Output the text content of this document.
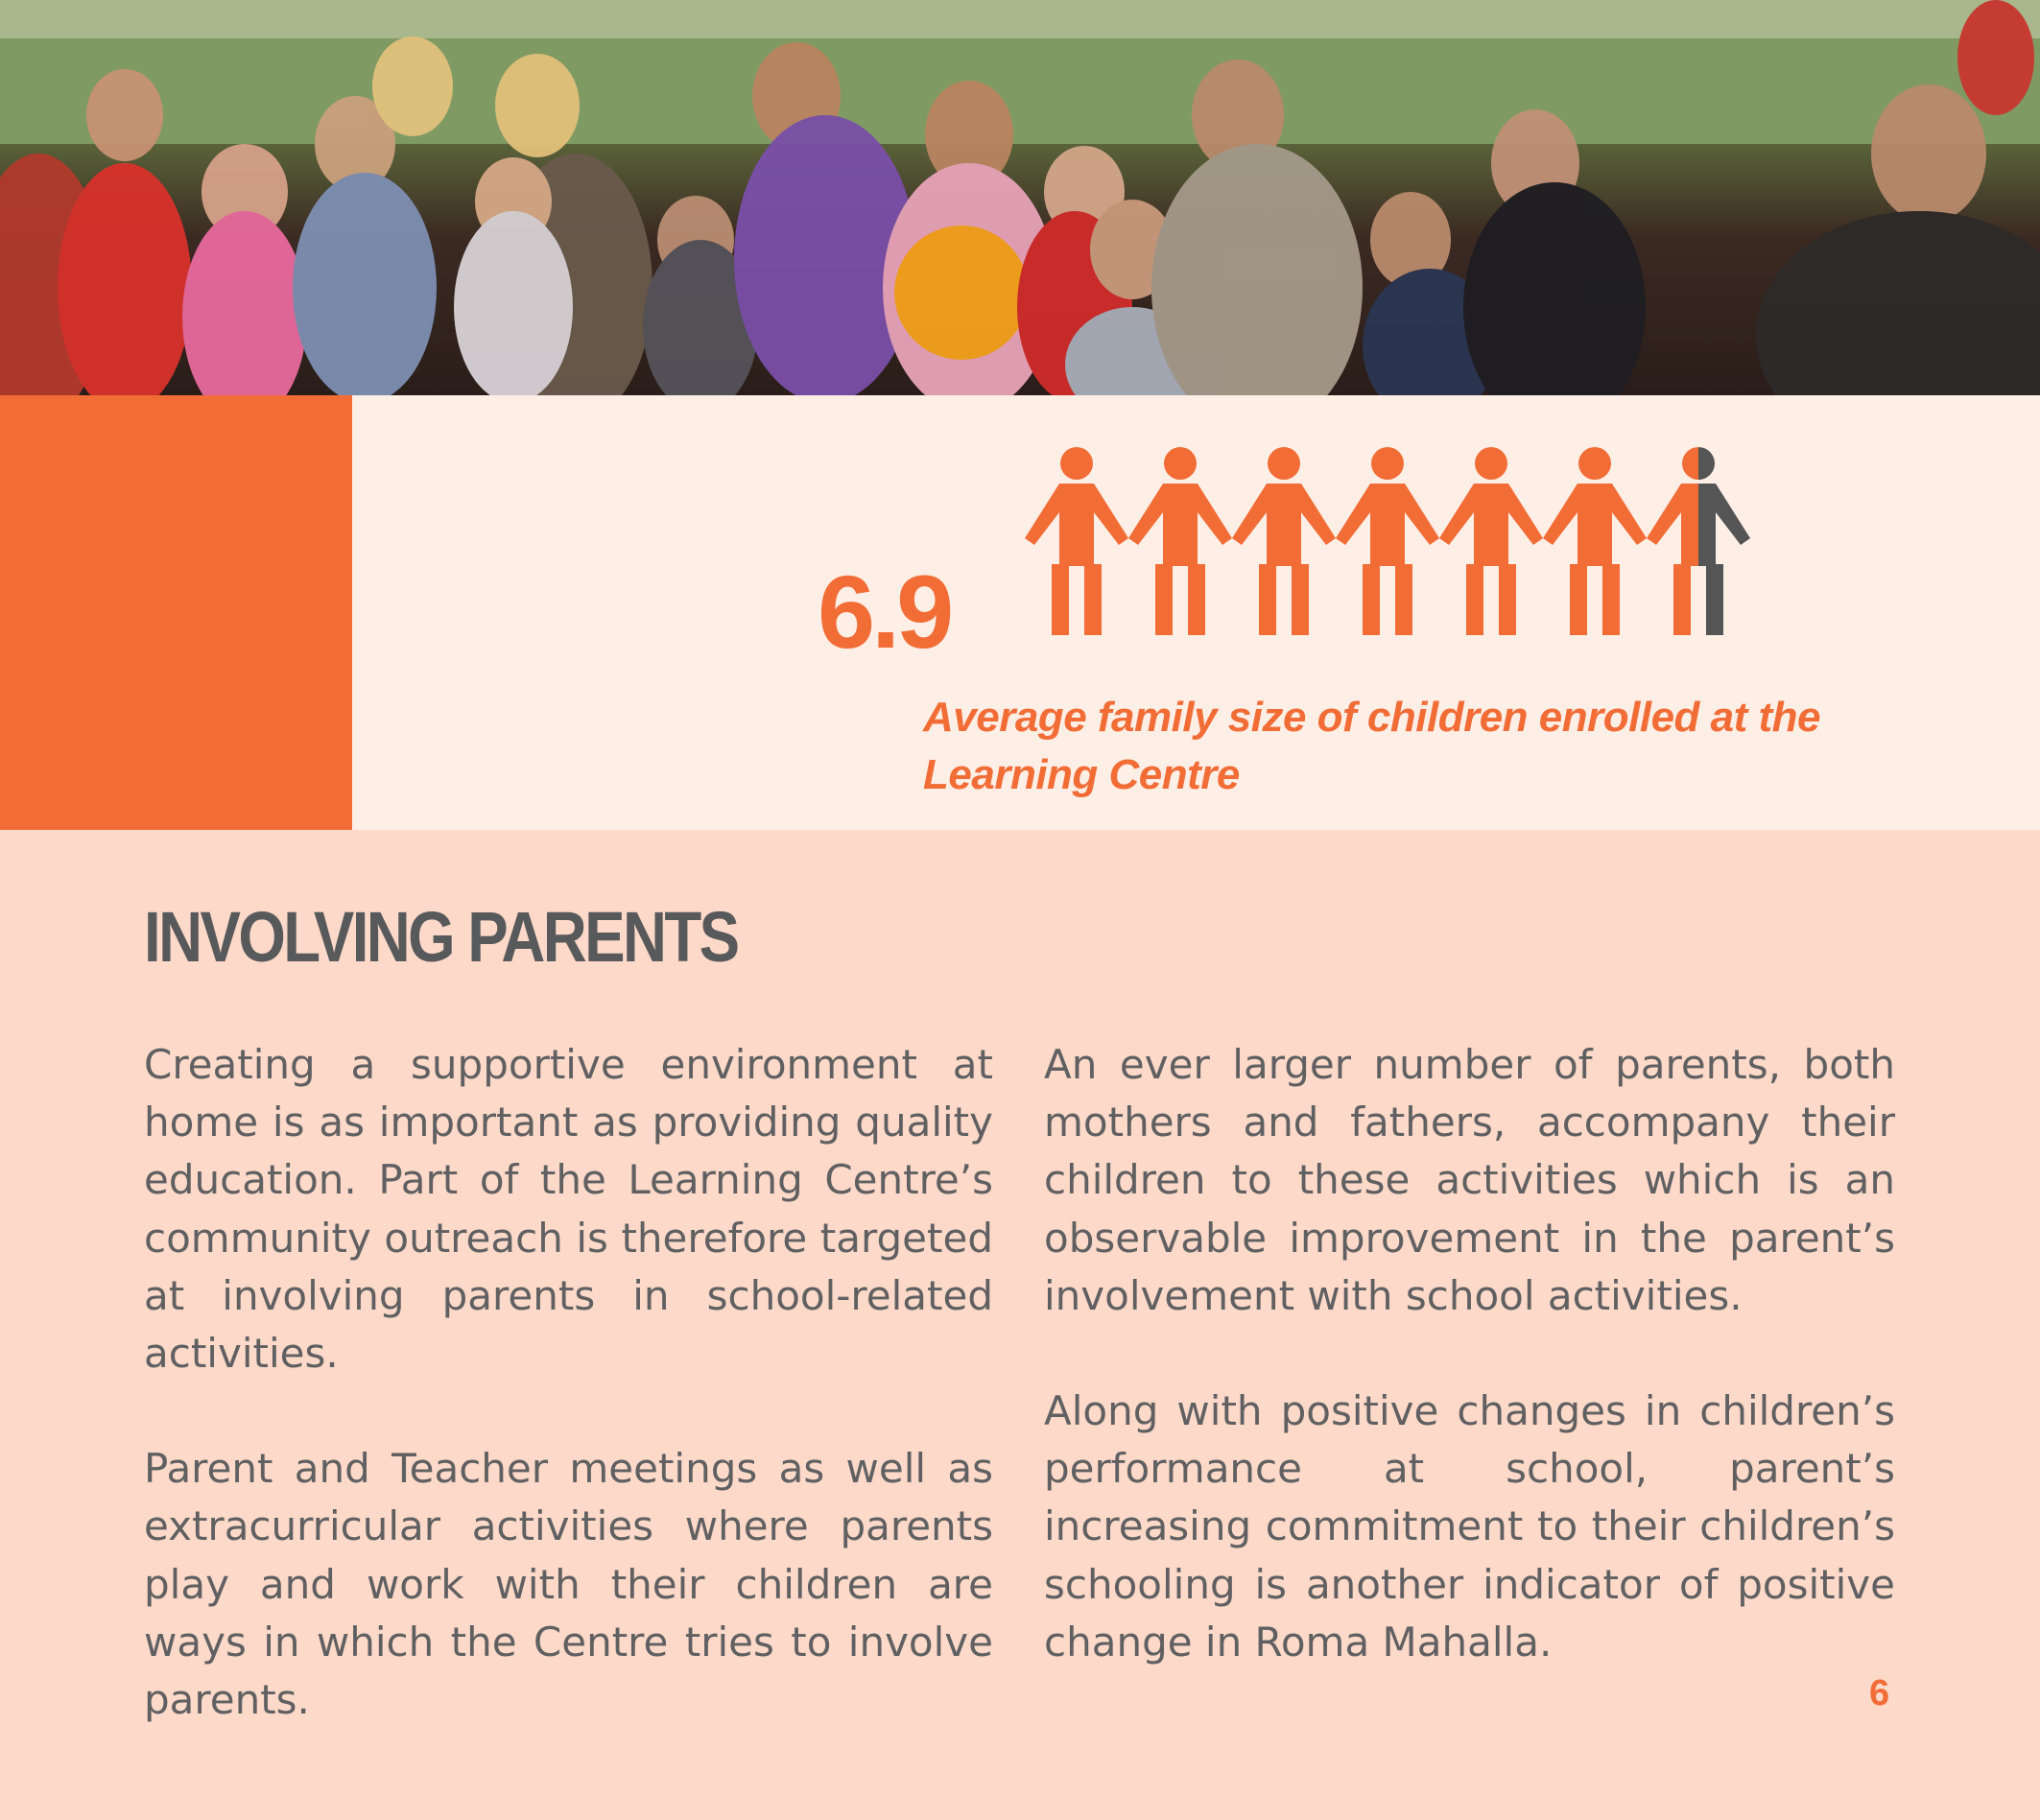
6.9
Average family size of children enrolled at the Learning Centre
INVOLVING PARENTS

Creating a supportive environment at home is as important as providing quality education. Part of the Learning Centre’s community outreach is therefore targeted at involving parents in school-related activities.

Parent and Teacher meetings as well as extracurricular activities where parents play and work with their children are ways in which the Centre tries to involve parents.

An ever larger number of parents, both mothers and fathers, accompany their children to these activities which is an observable improvement in the parent’s involvement with school activities.

Along with positive changes in children’s performance at school, parent’s increasing commitment to their children’s schooling is another indicator of positive change in Roma Mahalla.

6
